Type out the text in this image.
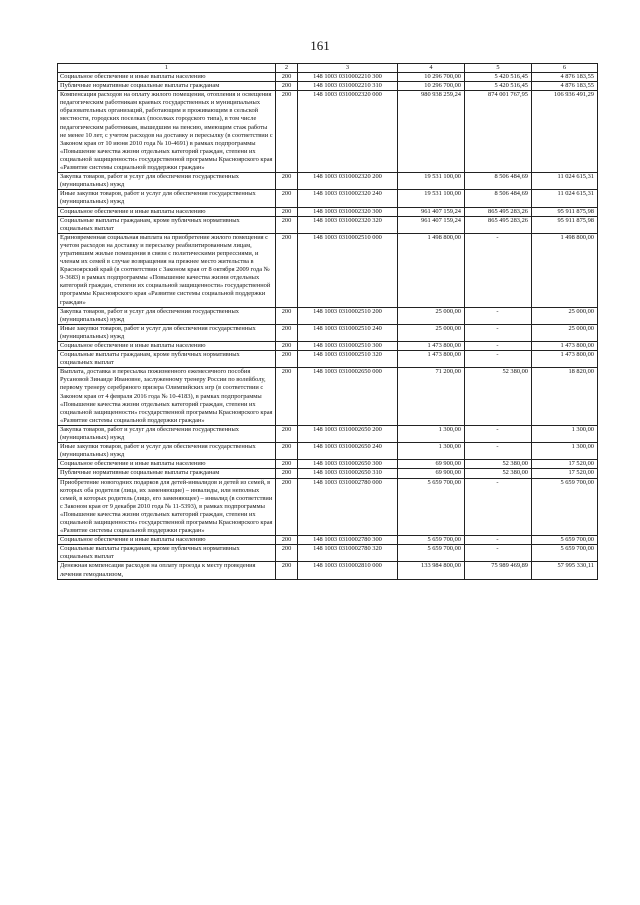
161
1	2	3	4	5	6
Социальное обеспечение и иные выплаты населению	200	148 1003 0310002210 300	10 296 700,00	5 420 516,45	4 876 183,55
Публичные нормативные социальные выплаты гражданам	200	148 1003 0310002210 310	10 296 700,00	5 420 516,45	4 876 183,55
Компенсация расходов на оплату жилого помещения, отопления и освещения педагогическим работникам краевых государственных и муниципальных образовательных организаций, работающим и проживающим в сельской местности, городских поселках (поселках городского типа), в том числе педагогическим работникам, вышедшим на пенсию, имеющим стаж работы не менее 10 лет, с учетом расходов на доставку и пересылку (в соответствии с Законом края от 10 июня 2010 года № 10-4691) в рамках подпрограммы «Повышение качества жизни отдельных категорий граждан, степени их социальной защищенности» государственной программы Красноярского края «Развитие системы социальной поддержки граждан»	200	148 1003 0310002320 000	980 938 259,24	874 001 767,95	106 936 491,29
Закупка товаров, работ и услуг для обеспечения государственных (муниципальных) нужд	200	148 1003 0310002320 200	19 531 100,00	8 506 484,69	11 024 615,31
Иные закупки товаров, работ и услуг для обеспечения государственных (муниципальных) нужд	200	148 1003 0310002320 240	19 531 100,00	8 506 484,69	11 024 615,31
Социальное обеспечение и иные выплаты населению	200	148 1003 0310002320 300	961 407 159,24	865 495 283,26	95 911 875,98
Социальные выплаты гражданам, кроме публичных нормативных социальных выплат	200	148 1003 0310002320 320	961 407 159,24	865 495 283,26	95 911 875,98
Единовременная социальная выплата на приобретение жилого помещения с учетом расходов на доставку и пересылку реабилитированным лицам, утратившим жилые помещения в связи с политическими репрессиями, и членам их семей в случае возвращения на прежнее место жительства в Красноярский край (в соответствии с Законом края от 8 октября 2009 года № 9-3683) в рамках подпрограммы «Повышение качества жизни отдельных категорий граждан, степени их социальной защищенности» государственной программы Красноярского края «Развитие системы социальной поддержки граждан»	200	148 1003 0310002510 000	1 498 800,00	-	1 498 800,00
Закупка товаров, работ и услуг для обеспечения государственных (муниципальных) нужд	200	148 1003 0310002510 200	25 000,00	-	25 000,00
Иные закупки товаров, работ и услуг для обеспечения государственных (муниципальных) нужд	200	148 1003 0310002510 240	25 000,00	-	25 000,00
Социальное обеспечение и иные выплаты населению	200	148 1003 0310002510 300	1 473 800,00	-	1 473 800,00
Социальные выплаты гражданам, кроме публичных нормативных социальных выплат	200	148 1003 0310002510 320	1 473 800,00	-	1 473 800,00
Выплата, доставка и пересылка пожизненного ежемесячного пособия Русановой Зинаиде Ивановне, заслуженному тренеру России по волейболу, первому тренеру серебряного призера Олимпийских игр (в соответствии с Законом края от 4 февраля 2016 года № 10-4183), в рамках подпрограммы «Повышение качества жизни отдельных категорий граждан, степени их социальной защищенности» государственной программы Красноярского края «Развитие системы социальной поддержки граждан»	200	148 1003 0310002650 000	71 200,00	52 380,00	18 820,00
Закупка товаров, работ и услуг для обеспечения государственных (муниципальных) нужд	200	148 1003 0310002650 200	1 300,00	-	1 300,00
Иные закупки товаров, работ и услуг для обеспечения государственных (муниципальных) нужд	200	148 1003 0310002650 240	1 300,00	-	1 300,00
Социальное обеспечение и иные выплаты населению	200	148 1003 0310002650 300	69 900,00	52 380,00	17 520,00
Публичные нормативные социальные выплаты гражданам	200	148 1003 0310002650 310	69 900,00	52 380,00	17 520,00
Приобретение новогодних подарков для детей-инвалидов и детей из семей, в которых оба родителя (лица, их заменяющие) – инвалиды, или неполных семей, в которых родитель (лицо, его заменяющее) – инвалид (в соответствии с Законом края от 9 декабря 2010 года № 11-5393), в рамках подпрограммы «Повышение качества жизни отдельных категорий граждан, степени их социальной защищенности» государственной программы Красноярского края «Развитие системы социальной поддержки граждан»	200	148 1003 0310002780 000	5 659 700,00	-	5 659 700,00
Социальное обеспечение и иные выплаты населению	200	148 1003 0310002780 300	5 659 700,00	-	5 659 700,00
Социальные выплаты гражданам, кроме публичных нормативных социальных выплат	200	148 1003 0310002780 320	5 659 700,00	-	5 659 700,00
Денежная компенсация расходов на оплату проезда к месту проведения лечения гемодиализом,	200	148 1003 0310002810 000	133 984 800,00	75 989 469,89	57 995 330,11
